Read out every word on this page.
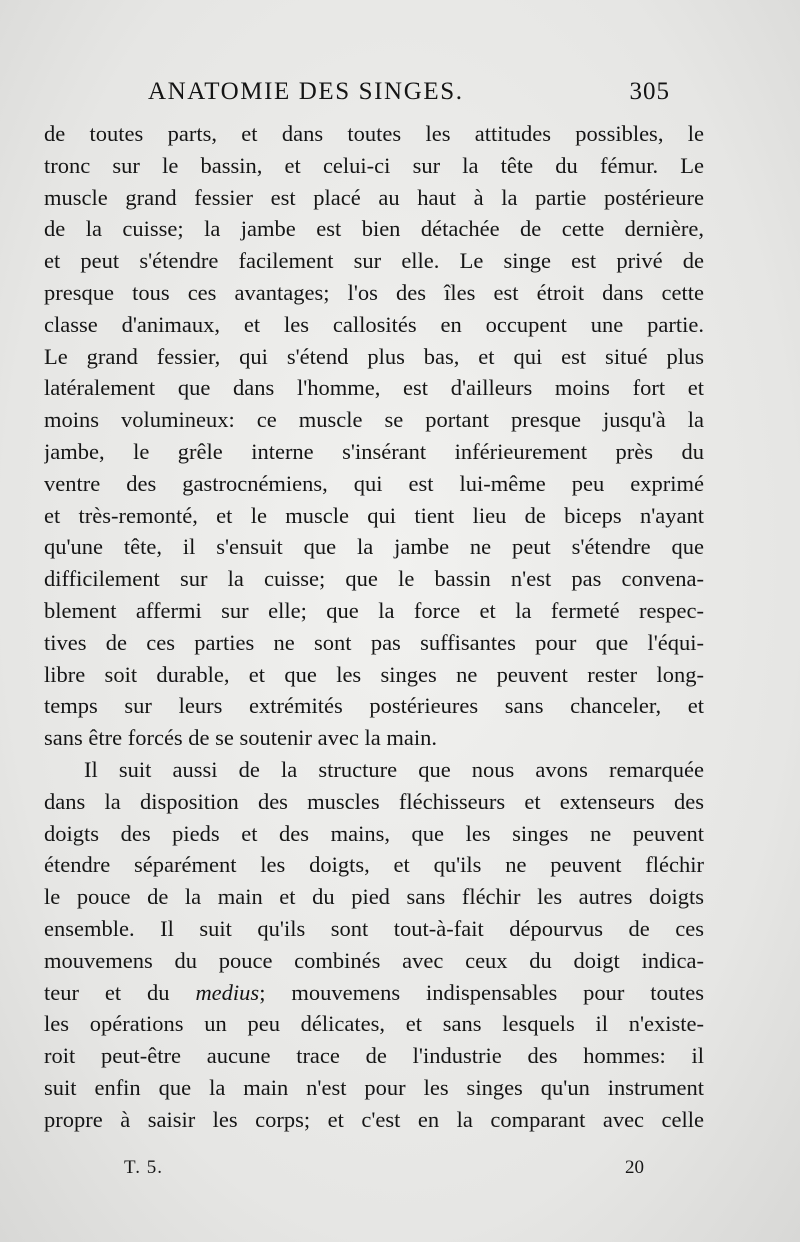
ANATOMIE DES SINGES.	305
de toutes parts, et dans toutes les attitudes possibles, le
tronc sur le bassin, et celui-ci sur la tête du fémur. Le
muscle grand fessier est placé au haut à la partie postérieure
de la cuisse; la jambe est bien détachée de cette dernière,
et peut s'étendre facilement sur elle. Le singe est privé de
presque tous ces avantages; l'os des îles est étroit dans cette
classe d'animaux, et les callosités en occupent une partie.
Le grand fessier, qui s'étend plus bas, et qui est situé plus
latéralement que dans l'homme, est d'ailleurs moins fort et
moins volumineux: ce muscle se portant presque jusqu'à la
jambe, le grêle interne s'insérant inférieurement près du
ventre des gastrocnémiens, qui est lui-même peu exprimé
et très-remonté, et le muscle qui tient lieu de biceps n'ayant
qu'une tête, il s'ensuit que la jambe ne peut s'étendre que
difficilement sur la cuisse; que le bassin n'est pas convena-
blement affermi sur elle; que la force et la fermeté respec-
tives de ces parties ne sont pas suffisantes pour que l'équi-
libre soit durable, et que les singes ne peuvent rester long-
temps sur leurs extrémités postérieures sans chanceler, et
sans être forcés de se soutenir avec la main.
Il suit aussi de la structure que nous avons remarquée
dans la disposition des muscles fléchisseurs et extenseurs des
doigts des pieds et des mains, que les singes ne peuvent
étendre séparément les doigts, et qu'ils ne peuvent fléchir
le pouce de la main et du pied sans fléchir les autres doigts
ensemble. Il suit qu'ils sont tout-à-fait dépourvus de ces
mouvemens du pouce combinés avec ceux du doigt indica-
teur et du medius; mouvemens indispensables pour toutes
les opérations un peu délicates, et sans lesquels il n'existe-
roit peut-être aucune trace de l'industrie des hommes: il
suit enfin que la main n'est pour les singes qu'un instrument
propre à saisir les corps; et c'est en la comparant avec celle
T. 5.	20
